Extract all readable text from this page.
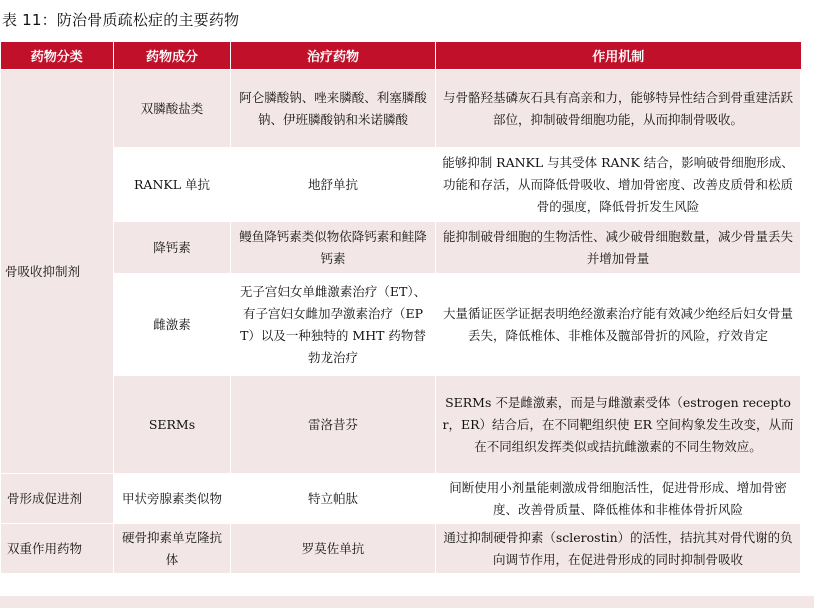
表 11：防治骨质疏松症的主要药物
药物分类	药物成分	治疗药物	作用机制
骨吸收抑制剂	双膦酸盐类	阿仑膦酸钠、唑来膦酸、利塞膦酸钠、伊班膦酸钠和米诺膦酸	与骨骼羟基磷灰石具有高亲和力，能够特异性结合到骨重建活跃部位，抑制破骨细胞功能，从而抑制骨吸收。
	RANKL 单抗	地舒单抗	能够抑制 RANKL 与其受体 RANK 结合，影响破骨细胞形成、功能和存活，从而降低骨吸收、增加骨密度、改善皮质骨和松质骨的强度，降低骨折发生风险
	降钙素	鳗鱼降钙素类似物依降钙素和鲑降钙素	能抑制破骨细胞的生物活性、减少破骨细胞数量，减少骨量丢失并增加骨量
	雌激素	无子宫妇女单雌激素治疗（ET）、有子宫妇女雌加孕激素治疗（EPT）以及一种独特的 MHT 药物替勃龙治疗	大量循证医学证据表明绝经激素治疗能有效减少绝经后妇女骨量丢失，降低椎体、非椎体及髋部骨折的风险，疗效肯定
	SERMs	雷洛昔芬	SERMs 不是雌激素，而是与雌激素受体（estrogen receptor，ER）结合后，在不同靶组织使 ER 空间构象发生改变，从而在不同组织发挥类似或拮抗雌激素的不同生物效应。
骨形成促进剂	甲状旁腺素类似物	特立帕肽	间断使用小剂量能刺激成骨细胞活性，促进骨形成、增加骨密度、改善骨质量、降低椎体和非椎体骨折风险
双重作用药物	硬骨抑素单克隆抗体	罗莫佐单抗	通过抑制硬骨抑素（sclerostin）的活性，拮抗其对骨代谢的负向调节作用，在促进骨形成的同时抑制骨吸收
